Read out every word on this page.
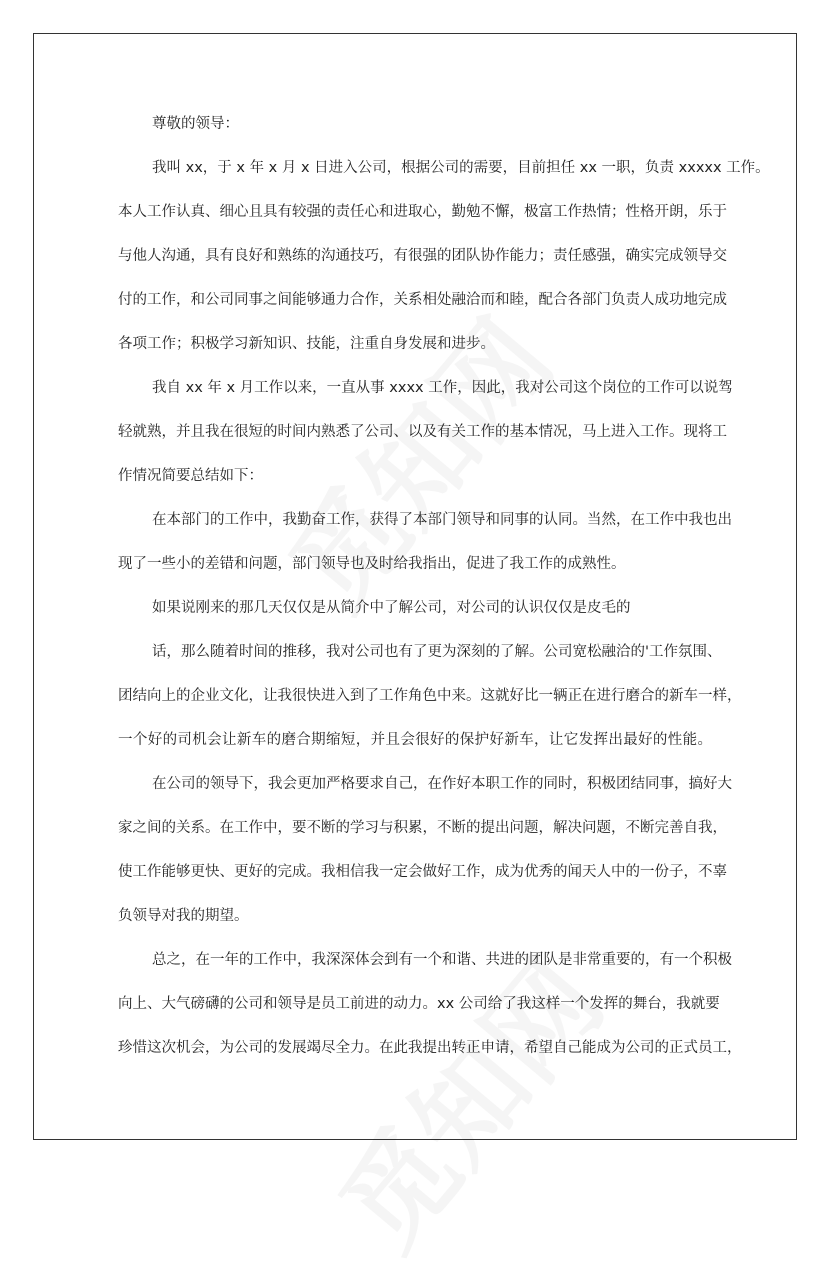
尊敬的领导：
我叫 xx，于 x 年 x 月 x 日进入公司，根据公司的需要，目前担任 xx 一职，负责 xxxxx 工作。
本人工作认真、细心且具有较强的责任心和进取心，勤勉不懈，极富工作热情；性格开朗，乐于
与他人沟通，具有良好和熟练的沟通技巧，有很强的团队协作能力；责任感强，确实完成领导交
付的工作，和公司同事之间能够通力合作，关系相处融洽而和睦，配合各部门负责人成功地完成
各项工作；积极学习新知识、技能，注重自身发展和进步。
我自 xx 年 x 月工作以来，一直从事 xxxx 工作，因此，我对公司这个岗位的工作可以说驾
轻就熟，并且我在很短的时间内熟悉了公司、以及有关工作的基本情况，马上进入工作。现将工
作情况简要总结如下：
在本部门的工作中，我勤奋工作，获得了本部门领导和同事的认同。当然，在工作中我也出
现了一些小的差错和问题，部门领导也及时给我指出，促进了我工作的成熟性。
如果说刚来的那几天仅仅是从简介中了解公司，对公司的认识仅仅是皮毛的
话，那么随着时间的推移，我对公司也有了更为深刻的了解。公司宽松融洽的'工作氛围、
团结向上的企业文化，让我很快进入到了工作角色中来。这就好比一辆正在进行磨合的新车一样，
一个好的司机会让新车的磨合期缩短，并且会很好的保护好新车，让它发挥出最好的性能。
在公司的领导下，我会更加严格要求自己，在作好本职工作的同时，积极团结同事，搞好大
家之间的关系。在工作中，要不断的学习与积累，不断的提出问题，解决问题，不断完善自我，
使工作能够更快、更好的完成。我相信我一定会做好工作，成为优秀的闻天人中的一份子，不辜
负领导对我的期望。
总之，在一年的工作中，我深深体会到有一个和谐、共进的团队是非常重要的，有一个积极
向上、大气磅礴的公司和领导是员工前进的动力。xx 公司给了我这样一个发挥的舞台，我就要
珍惜这次机会，为公司的发展竭尽全力。在此我提出转正申请，希望自己能成为公司的正式员工，
